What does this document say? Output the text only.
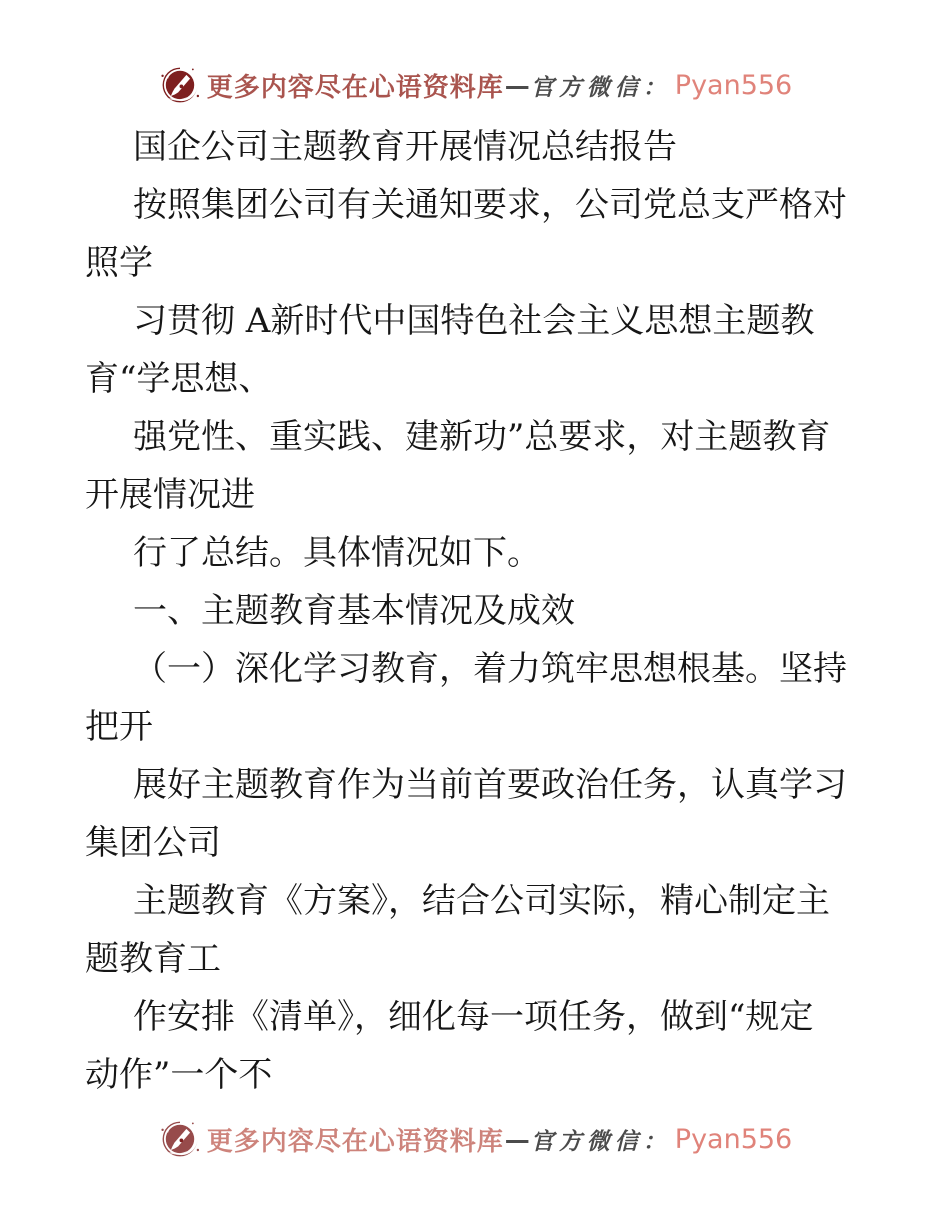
更多内容尽在心语资料库 — 官方微信： Pyan556
国企公司主题教育开展情况总结报告
按照集团公司有关通知要求，公司党总支严格对
照学
习贯彻 A新时代中国特色社会主义思想主题教
育“学思想、
强党性、重实践、建新功”总要求，对主题教育
开展情况进
行了总结。具体情况如下。
一、主题教育基本情况及成效
（一）深化学习教育，着力筑牢思想根基。坚持
把开
展好主题教育作为当前首要政治任务，认真学习
集团公司
主题教育《方案》，结合公司实际，精心制定主
题教育工
作安排《清单》，细化每一项任务，做到“规定
动作”一个不
更多内容尽在心语资料库 — 官方微信： Pyan556
